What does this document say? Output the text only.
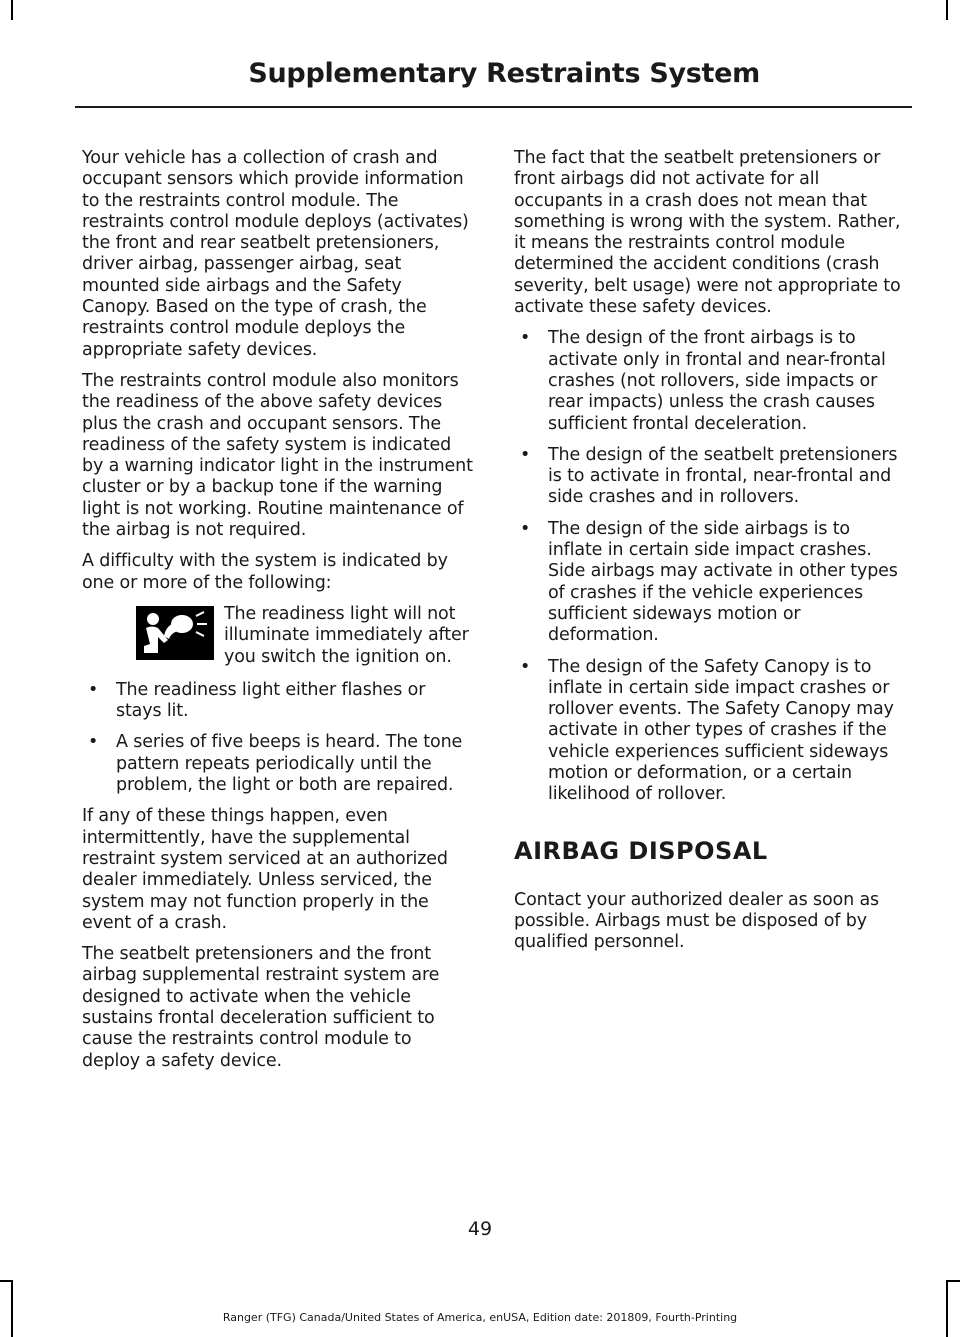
Supplementary Restraints System

Your vehicle has a collection of crash and occupant sensors which provide information to the restraints control module. The restraints control module deploys (activates) the front and rear seatbelt pretensioners, driver airbag, passenger airbag, seat mounted side airbags and the Safety Canopy. Based on the type of crash, the restraints control module deploys the appropriate safety devices.

The restraints control module also monitors the readiness of the above safety devices plus the crash and occupant sensors. The readiness of the safety system is indicated by a warning indicator light in the instrument cluster or by a backup tone if the warning light is not working. Routine maintenance of the airbag is not required.

A difficulty with the system is indicated by one or more of the following:

The readiness light will not illuminate immediately after you switch the ignition on.
• The readiness light either flashes or stays lit.
• A series of five beeps is heard. The tone pattern repeats periodically until the problem, the light or both are repaired.

If any of these things happen, even intermittently, have the supplemental restraint system serviced at an authorized dealer immediately. Unless serviced, the system may not function properly in the event of a crash.

The seatbelt pretensioners and the front airbag supplemental restraint system are designed to activate when the vehicle sustains frontal deceleration sufficient to cause the restraints control module to deploy a safety device.

The fact that the seatbelt pretensioners or front airbags did not activate for all occupants in a crash does not mean that something is wrong with the system. Rather, it means the restraints control module determined the accident conditions (crash severity, belt usage) were not appropriate to activate these safety devices.

• The design of the front airbags is to activate only in frontal and near-frontal crashes (not rollovers, side impacts or rear impacts) unless the crash causes sufficient frontal deceleration.
• The design of the seatbelt pretensioners is to activate in frontal, near-frontal and side crashes and in rollovers.
• The design of the side airbags is to inflate in certain side impact crashes. Side airbags may activate in other types of crashes if the vehicle experiences sufficient sideways motion or deformation.
• The design of the Safety Canopy is to inflate in certain side impact crashes or rollover events. The Safety Canopy may activate in other types of crashes if the vehicle experiences sufficient sideways motion or deformation, or a certain likelihood of rollover.
AIRBAG DISPOSAL

Contact your authorized dealer as soon as possible. Airbags must be disposed of by qualified personnel.

49
Ranger (TFG) Canada/United States of America, enUSA, Edition date: 201809, Fourth-Printing
